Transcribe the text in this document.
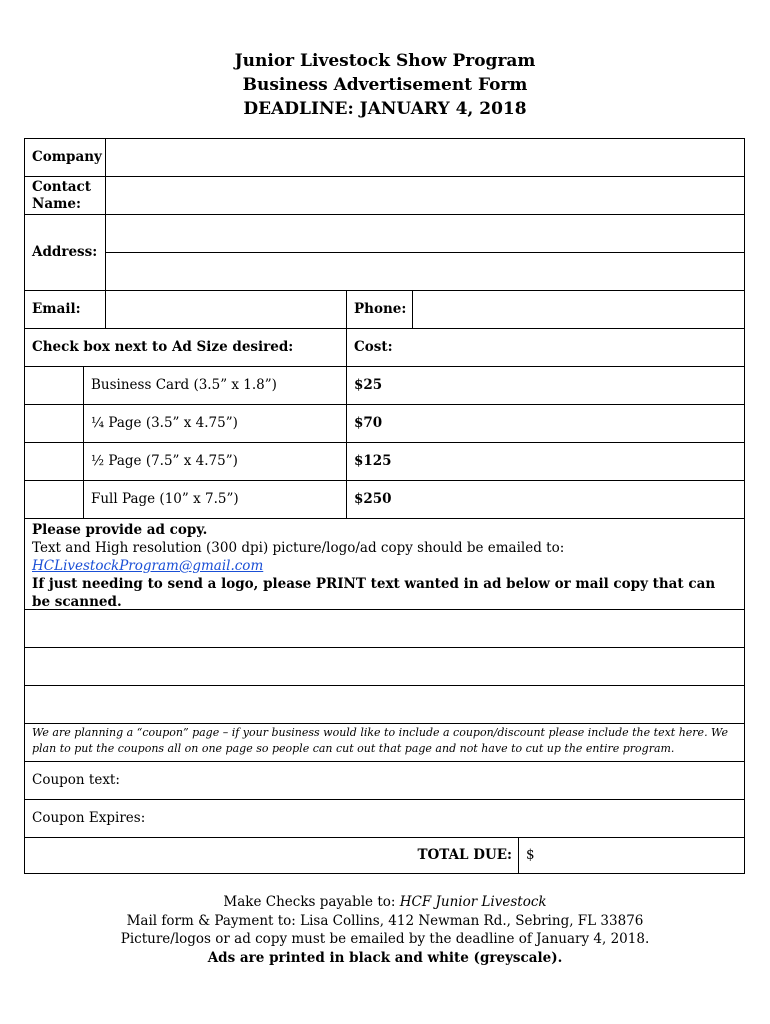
Junior Livestock Show Program
Business Advertisement Form
DEADLINE: JANUARY 4, 2018
Company
Contact Name:
Address:
Email:	Phone:
Check box next to Ad Size desired:	Cost:
Business Card (3.5” x 1.8”)	$25
¼ Page (3.5” x 4.75”)	$70
½ Page (7.5” x 4.75”)	$125
Full Page (10” x 7.5”)	$250
Please provide ad copy.
Text and High resolution (300 dpi) picture/logo/ad copy should be emailed to:
HCLivestockProgram@gmail.com
If just needing to send a logo, please PRINT text wanted in ad below or mail copy that can be scanned.
We are planning a “coupon” page – if your business would like to include a coupon/discount please include the text here. We plan to put the coupons all on one page so people can cut out that page and not have to cut up the entire program.
Coupon text:
Coupon Expires:
TOTAL DUE:	$
Make Checks payable to: HCF Junior Livestock
Mail form & Payment to: Lisa Collins, 412 Newman Rd., Sebring, FL 33876
Picture/logos or ad copy must be emailed by the deadline of January 4, 2018.
Ads are printed in black and white (greyscale).
